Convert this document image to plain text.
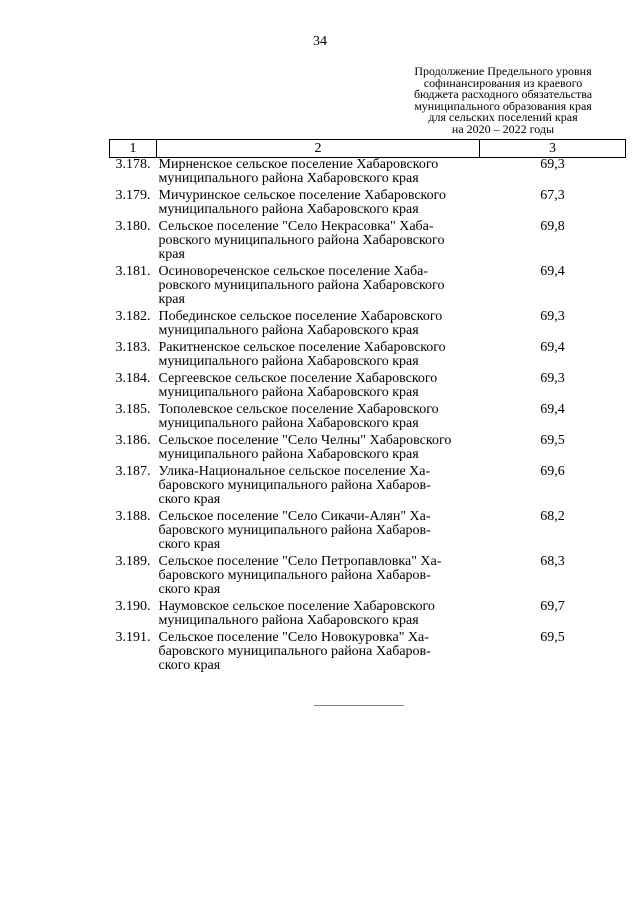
34
Продолжение Предельного уровня
софинансирования из краевого
бюджета расходного обязательства
муниципального образования края
для сельских поселений края
на 2020 – 2022 годы
1	2	3
3.178.	Мирненское сельское поселение Хабаровского
муниципального района Хабаровского края	69,3
3.179.	Мичуринское сельское поселение Хабаровского
муниципального района Хабаровского края	67,3
3.180.	Сельское поселение "Село Некрасовка" Хаба-
ровского муниципального района Хабаровского
края	69,8
3.181.	Осиновореченское сельское поселение Хаба-
ровского муниципального района Хабаровского
края	69,4
3.182.	Побединское сельское поселение Хабаровского
муниципального района Хабаровского края	69,3
3.183.	Ракитненское сельское поселение Хабаровского
муниципального района Хабаровского края	69,4
3.184.	Сергеевское сельское поселение Хабаровского
муниципального района Хабаровского края	69,3
3.185.	Тополевское сельское поселение Хабаровского
муниципального района Хабаровского края	69,4
3.186.	Сельское поселение "Село Челны" Хабаровского
муниципального района Хабаровского края	69,5
3.187.	Улика-Национальное сельское поселение Ха-
баровского муниципального района Хабаров-
ского края	69,6
3.188.	Сельское поселение "Село Сикачи-Алян" Ха-
баровского муниципального района Хабаров-
ского края	68,2
3.189.	Сельское поселение "Село Петропавловка" Ха-
баровского муниципального района Хабаров-
ского края	68,3
3.190.	Наумовское сельское поселение Хабаровского
муниципального района Хабаровского края	69,7
3.191.	Сельское поселение "Село Новокуровка" Ха-
баровского муниципального района Хабаров-
ского края	69,5
